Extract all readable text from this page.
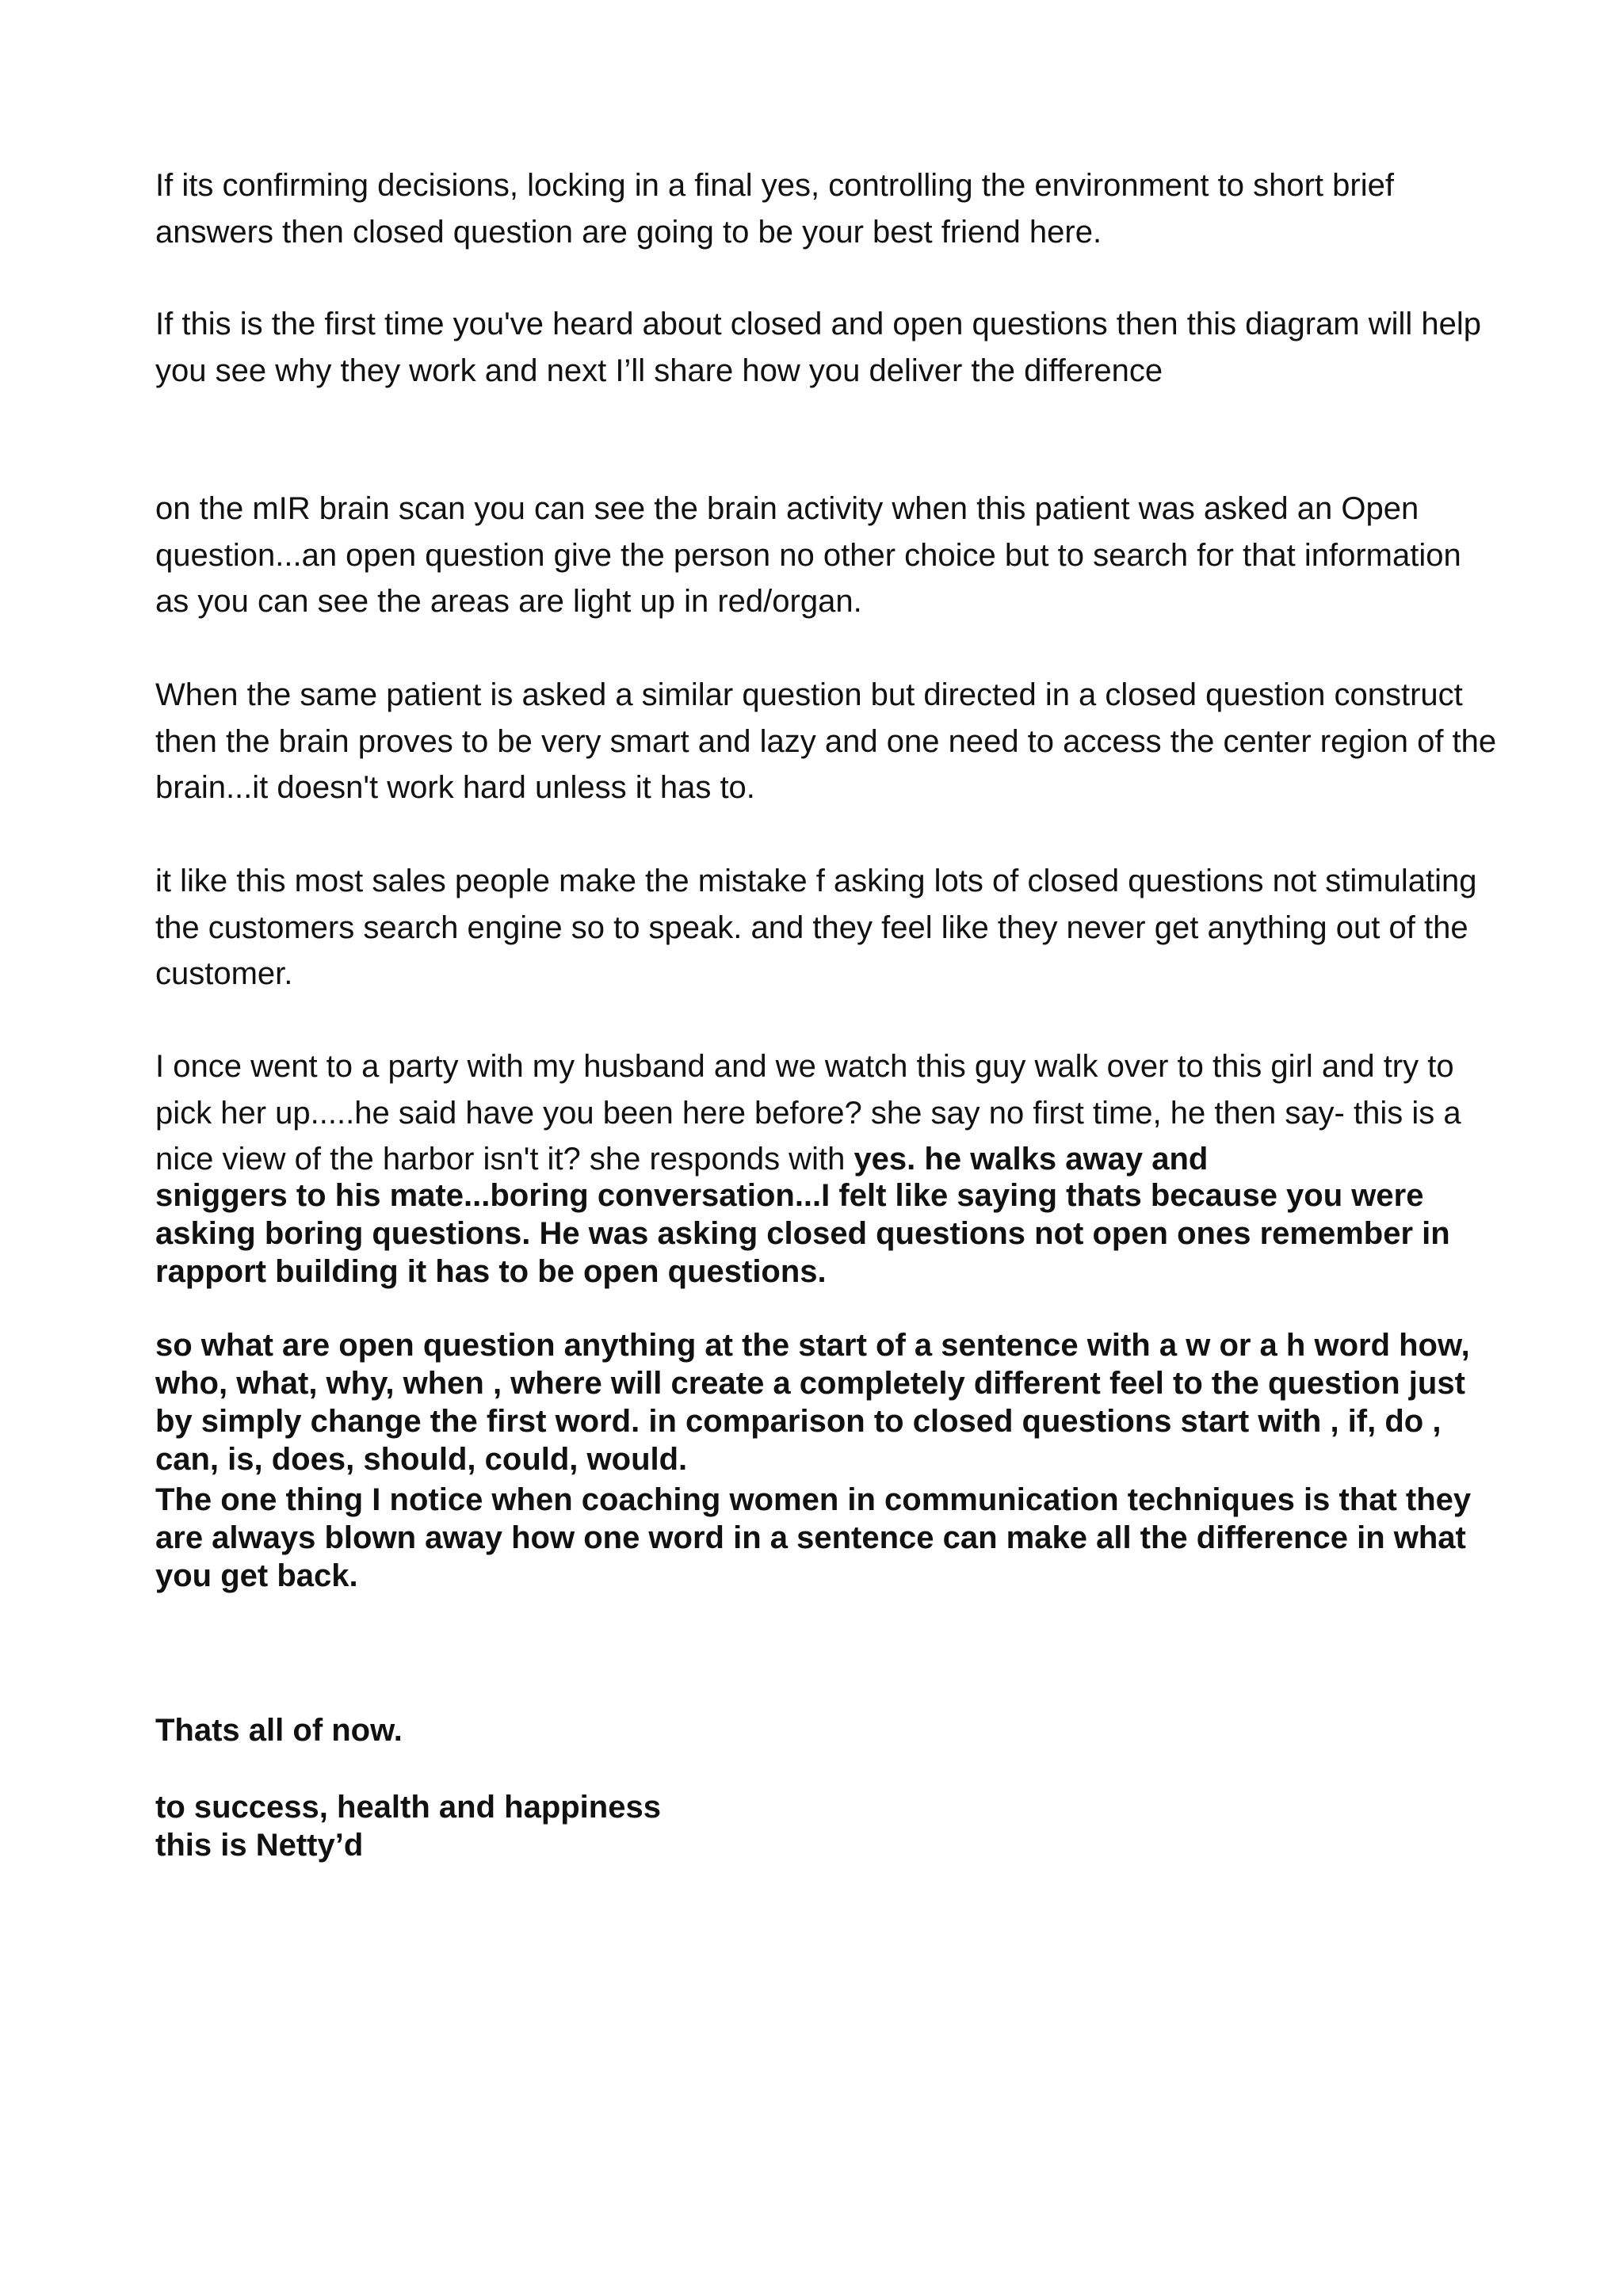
If its confirming decisions, locking in a final yes, controlling the environment to short brief answers then closed question are going to be your best friend here.

If this is the first time you've heard about closed and open questions then this diagram will help you see why they work and next I’ll share how you deliver the difference

on the mIR brain scan you can see the brain activity when this patient was asked an Open question...an open question give the person no other choice but to search for that information as you can see the areas are light up in red/organ.

When the same patient is asked a similar question but directed in a closed question construct then the brain proves to be very smart and lazy and one need to access the center region of the brain...it doesn't work hard unless it has to.

it like this most sales people make the mistake f asking lots of closed questions not stimulating the customers search engine so to speak. and they feel like they never get anything out of the customer.

I once went to a party with my husband and we watch this guy walk over to this girl and try to pick her up.....he said have you been here before? she say no first time, he then say- this is a nice view of the harbor isn't it? she responds with yes. he walks away and
sniggers to his mate...boring conversation...I felt like saying thats because you were asking boring questions. He was asking closed questions not open ones remember in rapport building it has to be open questions.

so what are open question anything at the start of a sentence with a w or a h word how, who, what, why, when , where will create a completely different feel to the question just by simply change the first word. in comparison to closed questions start with , if, do , can, is, does, should, could, would.

The one thing I notice when coaching women in communication techniques is that they are always blown away how one word in a sentence can make all the difference in what you get back.

Thats all of now.

to success, health and happiness
this is Netty’d
